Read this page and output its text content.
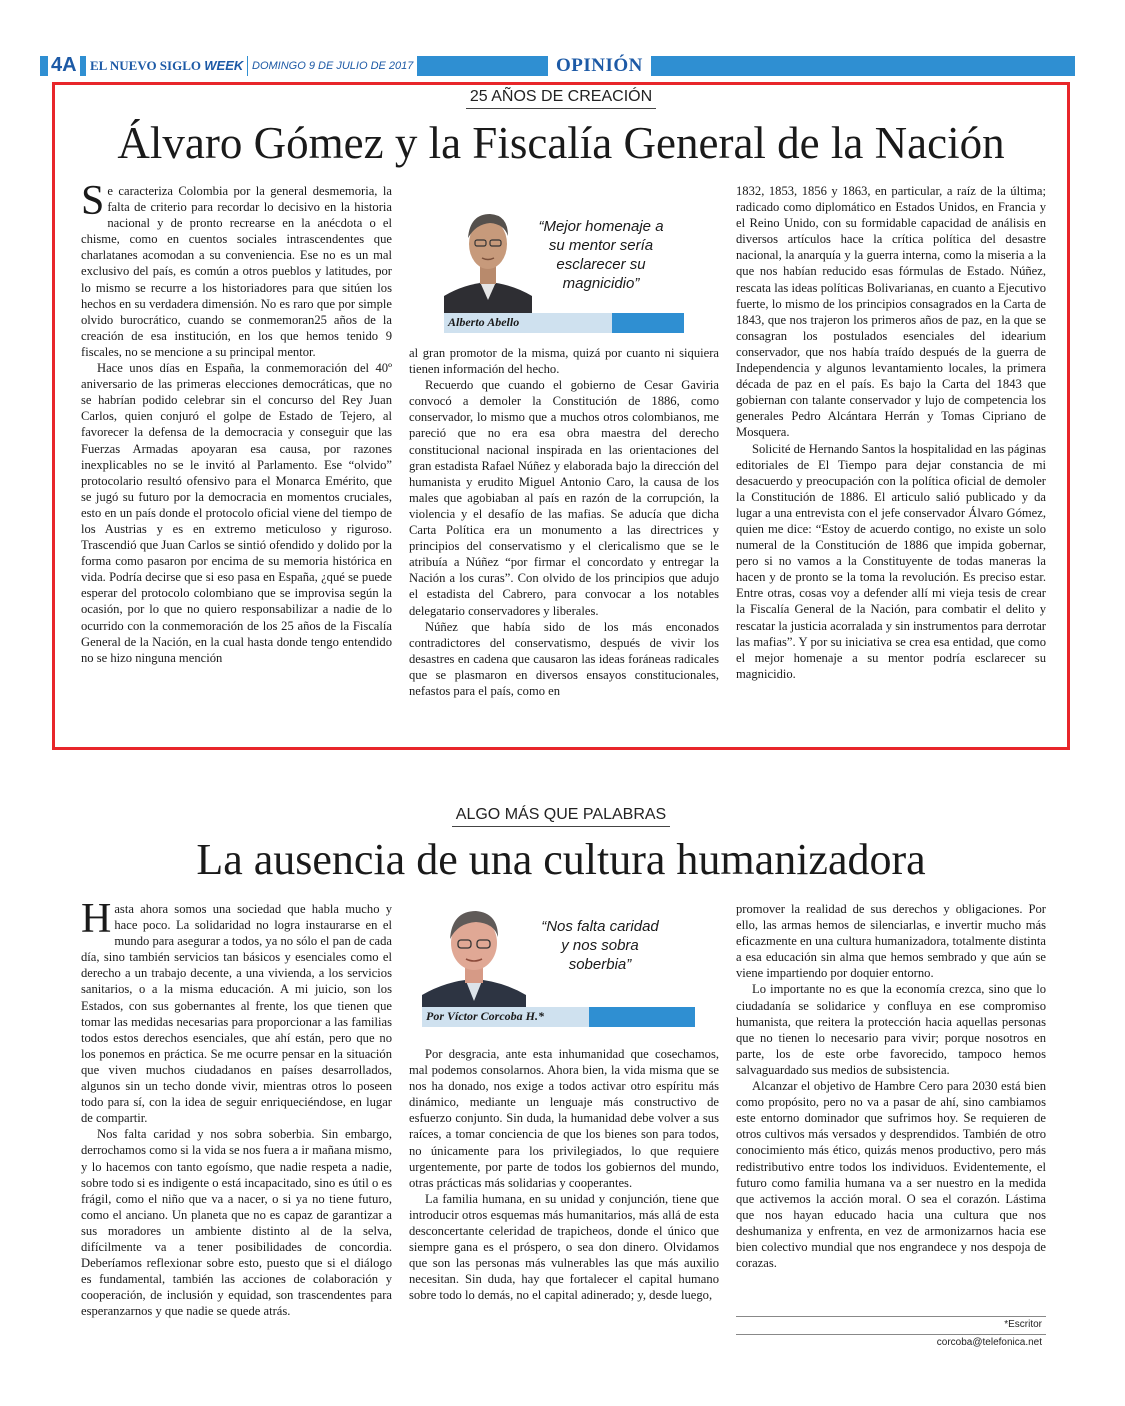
4A	EL NUEVO SIGLO WEEK DOMINGO 9 DE JULIO DE 2017	OPINIÓN
25 AÑOS DE CREACIÓN
Álvaro Gómez y la Fiscalía General de la Nación

Se caracteriza Colombia por la general desmemoria, la falta de criterio para recordar lo decisivo en la historia nacional y de pronto recrearse en la anécdota o el chisme, como en cuentos sociales intrascendentes que charlatanes acomodan a su conveniencia. Ese no es un mal exclusivo del país, es común a otros pueblos y latitudes, por lo mismo se recurre a los historiadores para que sitúen los hechos en su verdadera dimensión. No es raro que por simple olvido burocrático, cuando se conmemoran25 años de la creación de esa institución, en los que hemos tenido 9 fiscales, no se mencione a su principal mentor.

Hace unos días en España, la conmemoración del 40º aniversario de las primeras elecciones democráticas, que no se habrían podido celebrar sin el concurso del Rey Juan Carlos, quien conjuró el golpe de Estado de Tejero, al favorecer la defensa de la democracia y conseguir que las Fuerzas Armadas apoyaran esa causa, por razones inexplicables no se le invitó al Parlamento. Ese “olvido” protocolario resultó ofensivo para el Monarca Emérito, que se jugó su futuro por la democracia en momentos cruciales, esto en un país donde el protocolo oficial viene del tiempo de los Austrias y es en extremo meticuloso y riguroso. Trascendió que Juan Carlos se sintió ofendido y dolido por la forma como pasaron por encima de su memoria histórica en vida. Podría decirse que si eso pasa en España, ¿qué se puede esperar del protocolo colombiano que se improvisa según la ocasión, por lo que no quiero responsabilizar a nadie de lo ocurrido con la conmemoración de los 25 años de la Fiscalía General de la Nación, en la cual hasta donde tengo entendido no se hizo ninguna mención

Alberto Abello
“Mejor homenaje a su mentor sería esclarecer su magnicidio”

al gran promotor de la misma, quizá por cuanto ni siquiera tienen información del hecho.

Recuerdo que cuando el gobierno de Cesar Gaviria convocó a demoler la Constitución de 1886, como conservador, lo mismo que a muchos otros colombianos, me pareció que no era esa obra maestra del derecho constitucional nacional inspirada en las orientaciones del gran estadista Rafael Núñez y elaborada bajo la dirección del humanista y erudito Miguel Antonio Caro, la causa de los males que agobiaban al país en razón de la corrupción, la violencia y el desafío de las mafias. Se aducía que dicha Carta Política era un monumento a las directrices y principios del conservatismo y el clericalismo que se le atribuía a Núñez “por firmar el concordato y entregar la Nación a los curas”. Con olvido de los principios que adujo el estadista del Cabrero, para convocar a los notables delegatario conservadores y liberales.

Núñez que había sido de los más enconados contradictores del conservatismo, después de vivir los desastres en cadena que causaron las ideas foráneas radicales que se plasmaron en diversos ensayos constitucionales, nefastos para el país, como en

1832, 1853, 1856 y 1863, en particular, a raíz de la última; radicado como diplomático en Estados Unidos, en Francia y el Reino Unido, con su formidable capacidad de análisis en diversos artículos hace la crítica política del desastre nacional, la anarquía y la guerra interna, como la miseria a la que nos habían reducido esas fórmulas de Estado. Núñez, rescata las ideas políticas Bolivarianas, en cuanto a Ejecutivo fuerte, lo mismo de los principios consagrados en la Carta de 1843, que nos trajeron los primeros años de paz, en la que se consagran los postulados esenciales del idearium conservador, que nos había traído después de la guerra de Independencia y algunos levantamiento locales, la primera década de paz en el país. Es bajo la Carta del 1843 que gobiernan con talante conservador y lujo de competencia los generales Pedro Alcántara Herrán y Tomas Cipriano de Mosquera.

Solicité de Hernando Santos la hospitalidad en las páginas editoriales de El Tiempo para dejar constancia de mi desacuerdo y preocupación con la política oficial de demoler la Constitución de 1886. El articulo salió publicado y da lugar a una entrevista con el jefe conservador Álvaro Gómez, quien me dice: “Estoy de acuerdo contigo, no existe un solo numeral de la Constitución de 1886 que impida gobernar, pero si no vamos a la Constituyente de todas maneras la hacen y de pronto se la toma la revolución. Es preciso estar. Entre otras, cosas voy a defender allí mi vieja tesis de crear la Fiscalía General de la Nación, para combatir el delito y rescatar la justicia acorralada y sin instrumentos para derrotar las mafias”. Y por su iniciativa se crea esa entidad, que como el mejor homenaje a su mentor podría esclarecer su magnicidio.

ALGO MÁS QUE PALABRAS
La ausencia de una cultura humanizadora

Hasta ahora somos una sociedad que habla mucho y hace poco. La solidaridad no logra instaurarse en el mundo para asegurar a todos, ya no sólo el pan de cada día, sino también servicios tan básicos y esenciales como el derecho a un trabajo decente, a una vivienda, a los servicios sanitarios, o a la misma educación. A mi juicio, son los Estados, con sus gobernantes al frente, los que tienen que tomar las medidas necesarias para proporcionar a las familias todos estos derechos esenciales, que ahí están, pero que no los ponemos en práctica. Se me ocurre pensar en la situación que viven muchos ciudadanos en países desarrollados, algunos sin un techo donde vivir, mientras otros lo poseen todo para sí, con la idea de seguir enriqueciéndose, en lugar de compartir.

Nos falta caridad y nos sobra soberbia. Sin embargo, derrochamos como si la vida se nos fuera a ir mañana mismo, y lo hacemos con tanto egoísmo, que nadie respeta a nadie, sobre todo si es indigente o está incapacitado, sino es útil o es frágil, como el niño que va a nacer, o si ya no tiene futuro, como el anciano. Un planeta que no es capaz de garantizar a sus moradores un ambiente distinto al de la selva, difícilmente va a tener posibilidades de concordia. Deberíamos reflexionar sobre esto, puesto que si el diálogo es fundamental, también las acciones de colaboración y cooperación, de inclusión y equidad, son trascendentes para esperanzarnos y que nadie se quede atrás.

Por Víctor Corcoba H.*
“Nos falta caridad y nos sobra soberbia”

Por desgracia, ante esta inhumanidad que cosechamos, mal podemos consolarnos. Ahora bien, la vida misma que se nos ha donado, nos exige a todos activar otro espíritu más dinámico, mediante un lenguaje más constructivo de esfuerzo conjunto. Sin duda, la humanidad debe volver a sus raíces, a tomar conciencia de que los bienes son para todos, no únicamente para los privilegiados, lo que requiere urgentemente, por parte de todos los gobiernos del mundo, otras prácticas más solidarias y cooperantes.

La familia humana, en su unidad y conjunción, tiene que introducir otros esquemas más humanitarios, más allá de esta desconcertante celeridad de trapicheos, donde el único que siempre gana es el próspero, o sea don dinero. Olvidamos que son las personas más vulnerables las que más auxilio necesitan. Sin duda, hay que fortalecer el capital humano sobre todo lo demás, no el capital adinerado; y, desde luego,

promover la realidad de sus derechos y obligaciones. Por ello, las armas hemos de silenciarlas, e invertir mucho más eficazmente en una cultura humanizadora, totalmente distinta a esa educación sin alma que hemos sembrado y que aún se viene impartiendo por doquier entorno.

Lo importante no es que la economía crezca, sino que lo ciudadanía se solidarice y confluya en ese compromiso humanista, que reitera la protección hacia aquellas personas que no tienen lo necesario para vivir; porque nosotros en parte, los de este orbe favorecido, tampoco hemos salvaguardado sus medios de subsistencia.

Alcanzar el objetivo de Hambre Cero para 2030 está bien como propósito, pero no va a pasar de ahí, sino cambiamos este entorno dominador que sufrimos hoy. Se requieren de otros cultivos más versados y desprendidos. También de otro conocimiento más ético, quizás menos productivo, pero más redistributivo entre todos los individuos. Evidentemente, el futuro como familia humana va a ser nuestro en la medida que activemos la acción moral. O sea el corazón. Lástima que nos hayan educado hacia una cultura que nos deshumaniza y enfrenta, en vez de armonizarnos hacia ese bien colectivo mundial que nos engrandece y nos despoja de corazas.

*Escritor
corcoba@telefonica.net
